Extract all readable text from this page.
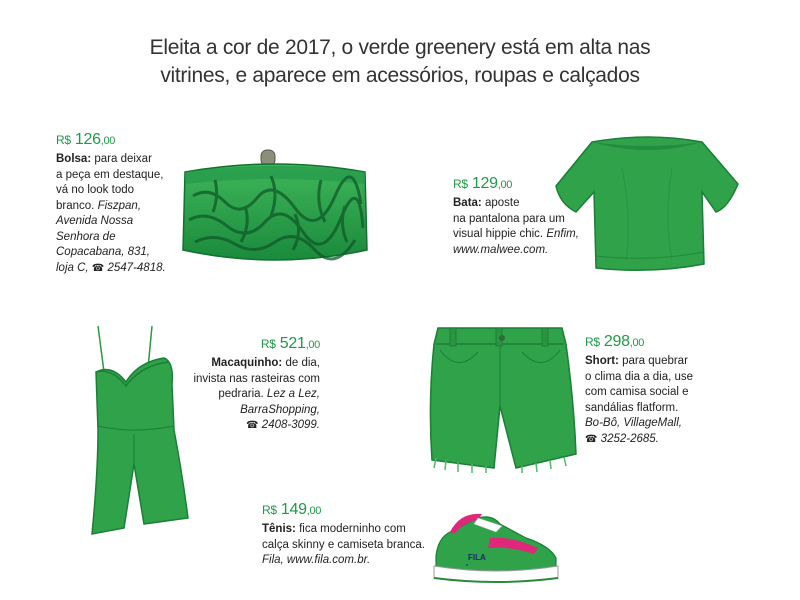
Eleita a cor de 2017, o verde greenery está em alta nas
vitrines, e aparece em acessórios, roupas e calçados
R$ 126,00
Bolsa: para deixar
a peça em destaque,
vá no look todo
branco. Fiszpan,
Avenida Nossa
Senhora de
Copacabana, 831,
loja C, ☎ 2547-4818.
R$ 129,00
Bata: aposte
na pantalona para um
visual hippie chic. Enfim,
www.malwee.com.
R$ 521,00
Macaquinho: de dia,
invista nas rasteiras com
pedraria. Lez a Lez,
BarraShopping,
☎ 2408-3099.
R$ 298,00
Short: para quebrar
o clima dia a dia, use
com camisa social e
sandálias flatform.
Bo-Bô, VillageMall,
☎ 3252-2685.
R$ 149,00
Tênis: fica moderninho com
calça skinny e camiseta branca.
Fila, www.fila.com.br.	FILA
